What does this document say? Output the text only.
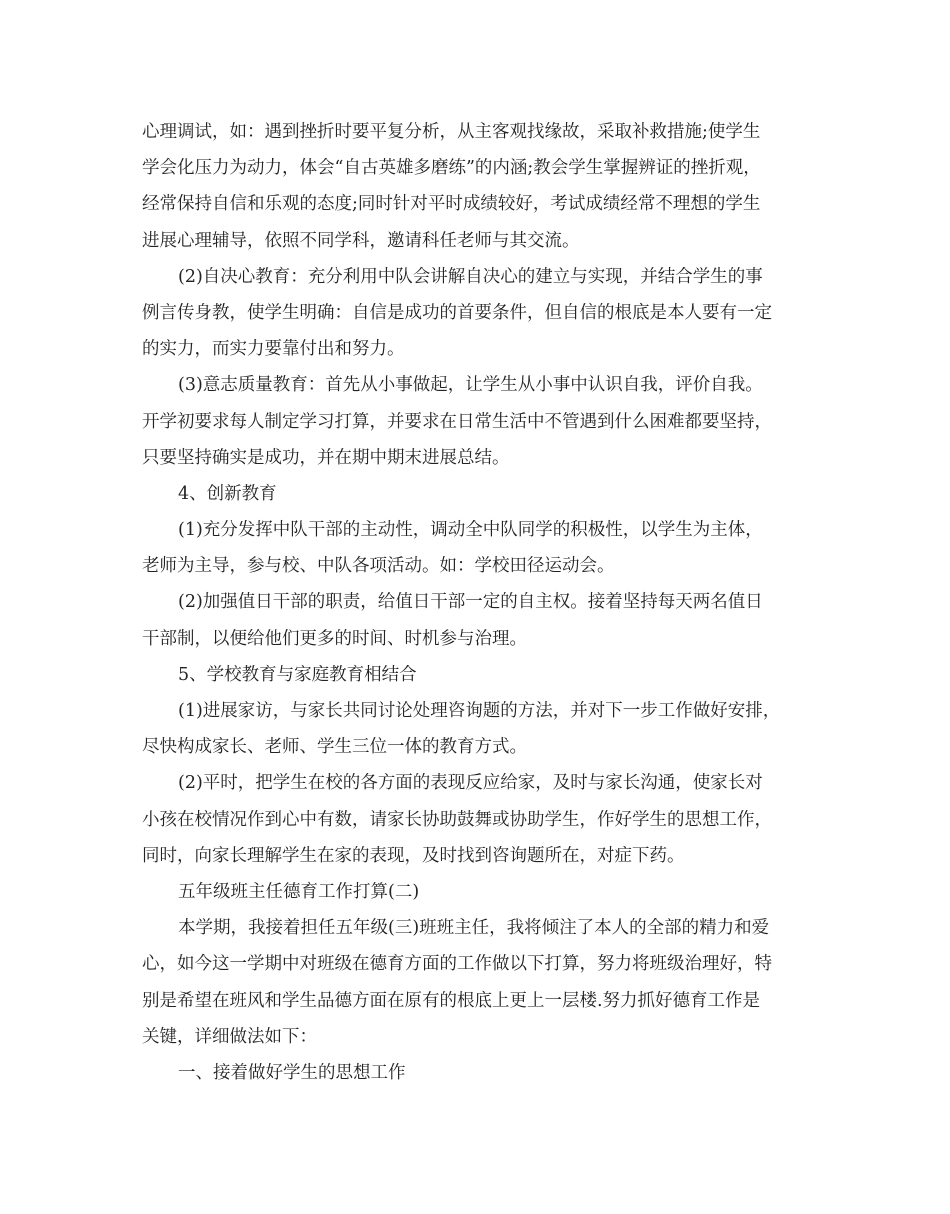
心理调试，如：遇到挫折时要平复分析，从主客观找缘故，采取补救措施;使学生
学会化压力为动力，体会“自古英雄多磨练”的内涵;教会学生掌握辨证的挫折观，
经常保持自信和乐观的态度;同时针对平时成绩较好，考试成绩经常不理想的学生
进展心理辅导，依照不同学科，邀请科任老师与其交流。
(2)自决心教育：充分利用中队会讲解自决心的建立与实现，并结合学生的事
例言传身教，使学生明确：自信是成功的首要条件，但自信的根底是本人要有一定
的实力，而实力要靠付出和努力。
(3)意志质量教育：首先从小事做起，让学生从小事中认识自我，评价自我。
开学初要求每人制定学习打算，并要求在日常生活中不管遇到什么困难都要坚持，
只要坚持确实是成功，并在期中期末进展总结。
4、创新教育
(1)充分发挥中队干部的主动性，调动全中队同学的积极性，以学生为主体，
老师为主导，参与校、中队各项活动。如：学校田径运动会。
(2)加强值日干部的职责，给值日干部一定的自主权。接着坚持每天两名值日
干部制，以便给他们更多的时间、时机参与治理。
5、学校教育与家庭教育相结合
(1)进展家访，与家长共同讨论处理咨询题的方法，并对下一步工作做好安排，
尽快构成家长、老师、学生三位一体的教育方式。
(2)平时，把学生在校的各方面的表现反应给家，及时与家长沟通，使家长对
小孩在校情况作到心中有数，请家长协助鼓舞或协助学生，作好学生的思想工作，
同时，向家长理解学生在家的表现，及时找到咨询题所在，对症下药。
五年级班主任德育工作打算(二)
本学期，我接着担任五年级(三)班班主任，我将倾注了本人的全部的精力和爱
心，如今这一学期中对班级在德育方面的工作做以下打算，努力将班级治理好，特
别是希望在班风和学生品德方面在原有的根底上更上一层楼.努力抓好德育工作是
关键，详细做法如下：
一、接着做好学生的思想工作
